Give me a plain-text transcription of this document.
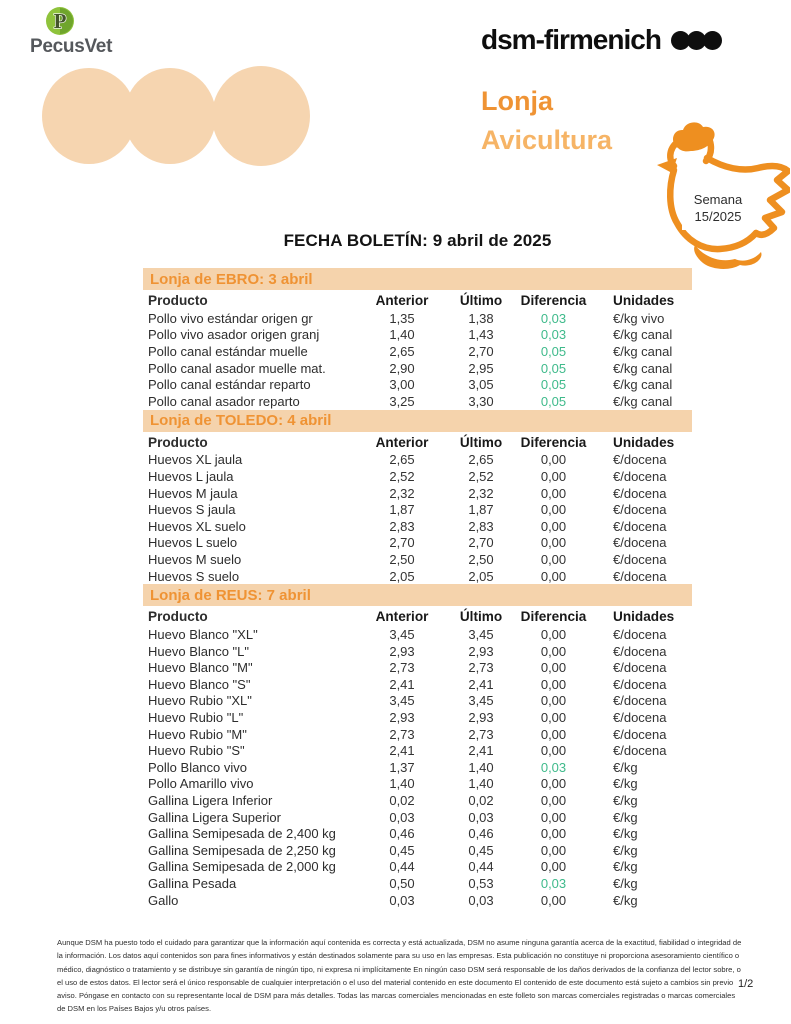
P
PecusVet	dsm-firmenich
Lonja
Avicultura
Semana
15/2025
FECHA BOLETÍN: 9 abril de 2025
Lonja de EBRO: 3 abril
Producto	Anterior	Último	Diferencia	Unidades
Pollo vivo estándar origen gr	1,35	1,38	0,03	€/kg vivo
Pollo vivo asador origen granj	1,40	1,43	0,03	€/kg canal
Pollo canal estándar muelle	2,65	2,70	0,05	€/kg canal
Pollo canal asador muelle mat.	2,90	2,95	0,05	€/kg canal
Pollo canal estándar reparto	3,00	3,05	0,05	€/kg canal
Pollo canal asador reparto	3,25	3,30	0,05	€/kg canal
Lonja de TOLEDO: 4 abril
Producto	Anterior	Último	Diferencia	Unidades
Huevos XL jaula	2,65	2,65	0,00	€/docena
Huevos L jaula	2,52	2,52	0,00	€/docena
Huevos M jaula	2,32	2,32	0,00	€/docena
Huevos S jaula	1,87	1,87	0,00	€/docena
Huevos XL suelo	2,83	2,83	0,00	€/docena
Huevos L suelo	2,70	2,70	0,00	€/docena
Huevos M suelo	2,50	2,50	0,00	€/docena
Huevos S suelo	2,05	2,05	0,00	€/docena
Lonja de REUS: 7 abril
Producto	Anterior	Último	Diferencia	Unidades
Huevo Blanco "XL"	3,45	3,45	0,00	€/docena
Huevo Blanco "L"	2,93	2,93	0,00	€/docena
Huevo Blanco "M"	2,73	2,73	0,00	€/docena
Huevo Blanco "S"	2,41	2,41	0,00	€/docena
Huevo Rubio "XL"	3,45	3,45	0,00	€/docena
Huevo Rubio "L"	2,93	2,93	0,00	€/docena
Huevo Rubio "M"	2,73	2,73	0,00	€/docena
Huevo Rubio "S"	2,41	2,41	0,00	€/docena
Pollo Blanco vivo	1,37	1,40	0,03	€/kg
Pollo Amarillo vivo	1,40	1,40	0,00	€/kg
Gallina Ligera Inferior	0,02	0,02	0,00	€/kg
Gallina Ligera Superior	0,03	0,03	0,00	€/kg
Gallina Semipesada de 2,400 kg	0,46	0,46	0,00	€/kg
Gallina Semipesada de 2,250 kg	0,45	0,45	0,00	€/kg
Gallina Semipesada de 2,000 kg	0,44	0,44	0,00	€/kg
Gallina Pesada	0,50	0,53	0,03	€/kg
Gallo	0,03	0,03	0,00	€/kg
Aunque DSM ha puesto todo el cuidado para garantizar que la información aquí contenida es correcta y está actualizada, DSM no asume ninguna garantía acerca de la exactitud, fiabilidad o integridad de la información. Los datos aquí contenidos son para fines informativos y están destinados solamente para su uso en las empresas. Esta publicación no constituye ni proporciona asesoramiento científico o médico, diagnóstico o tratamiento y se distribuye sin garantía de ningún tipo, ni expresa ni implícitamente En ningún caso DSM será responsable de los daños derivados de la confianza del lector sobre, o el uso de estos datos. El lector será el único responsable de cualquier interpretación o el uso del material contenido en este documento El contenido de este documento está sujeto a cambios sin previo aviso. Póngase en contacto con su representante local de DSM para más detalles. Todas las marcas comerciales mencionadas en este folleto son marcas comerciales registradas o marcas comerciales de DSM en los Países Bajos y/u otros países.
1/2
